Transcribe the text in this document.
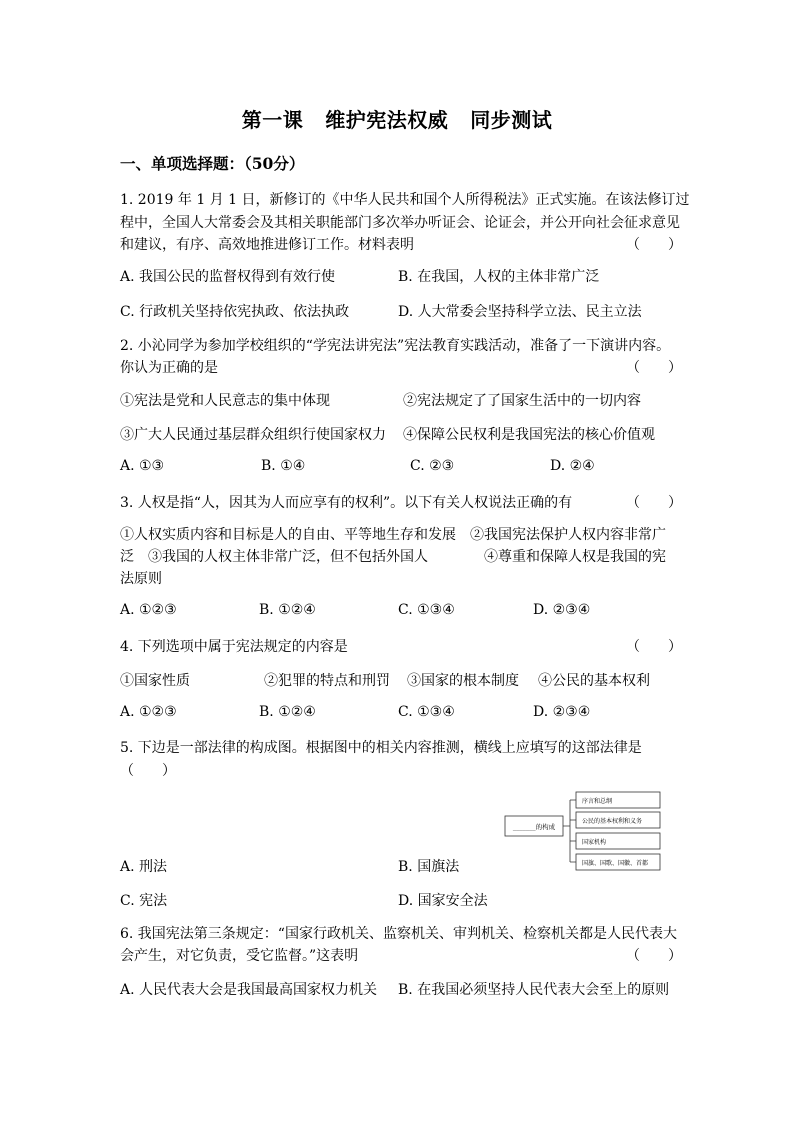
第一课 维护宪法权威 同步测试
一、单项选择题：（50分）
1. 2019 年 1 月 1 日，新修订的《中华人民共和国个人所得税法》正式实施。在该法修订过
程中，全国人大常委会及其相关职能部门多次举办听证会、论证会，并公开向社会征求意见
和建议，有序、高效地推进修订工作。材料表明	（　　）
A. 我国公民的监督权得到有效行使	B. 在我国，人权的主体非常广泛
C. 行政机关坚持依宪执政、依法执政	D. 人大常委会坚持科学立法、民主立法
2. 小沁同学为参加学校组织的“学宪法讲宪法”宪法教育实践活动，准备了一下演讲内容。
你认为正确的是	（　　）
①宪法是党和人民意志的集中体现	②宪法规定了了国家生活中的一切内容
③广大人民通过基层群众组织行使国家权力 ④保障公民权利是我国宪法的核心价值观
A. ①③	B. ①④	C. ②③	D. ②④
3. 人权是指“人，因其为人而应享有的权利”。以下有关人权说法正确的有	（　　）
①人权实质内容和目标是人的自由、平等地生存和发展　②我国宪法保护人权内容非常广
泛　③我国的人权主体非常广泛，但不包括外国人　　　　④尊重和保障人权是我国的宪
法原则
A. ①②③	B. ①②④	C. ①③④	D. ②③④
4. 下列选项中属于宪法规定的内容是	（　　）
①国家性质	②犯罪的特点和刑罚 ③国家的根本制度 ④公民的基本权利
A. ①②③	B. ①②④	C. ①③④	D. ②③④
5. 下边是一部法律的构成图。根据图中的相关内容推测，横线上应填写的这部法律是
（　　）
_______的构成
序言和总纲
公民的基本权利和义务
国家机构
国旗、国歌、国徽、首都
A. 刑法	B. 国旗法
C. 宪法	D. 国家安全法
6. 我国宪法第三条规定：“国家行政机关、监察机关、审判机关、检察机关都是人民代表大
会产生，对它负责，受它监督。”这表明	（　　）
A. 人民代表大会是我国最高国家权力机关 B. 在我国必须坚持人民代表大会至上的原则
